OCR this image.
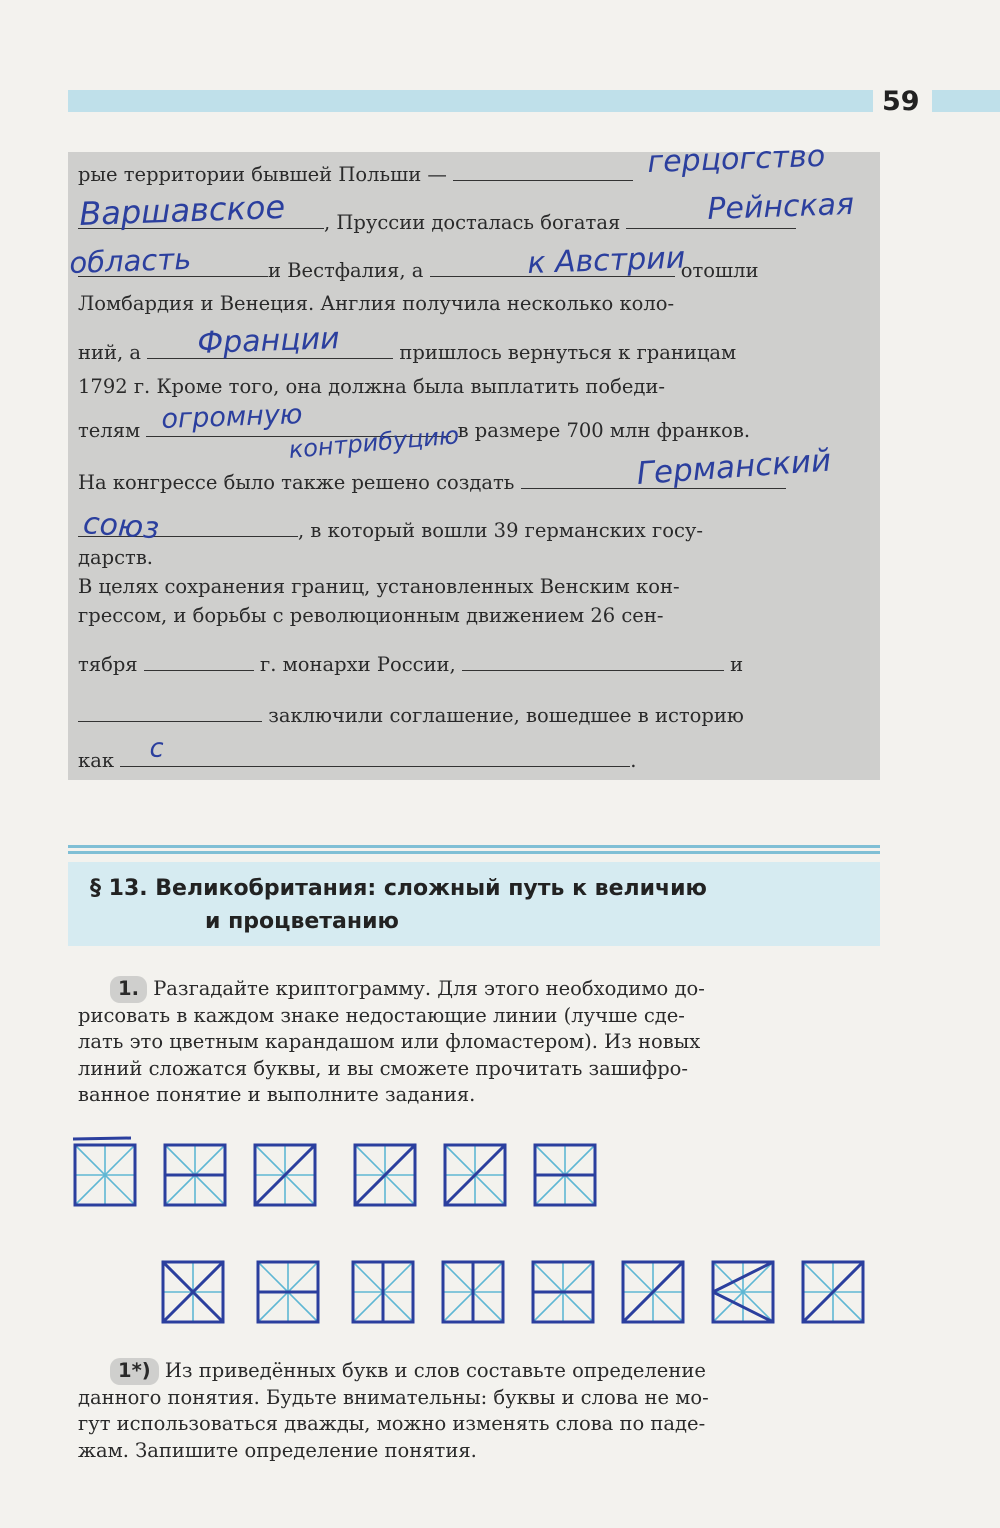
59
рые территории бывшей Польши —
, Пруссии досталась богатая
и Вестфалия, а	отошли
Ломбардия и Венеция. Англия получила несколько коло-
ний, а	пришлось вернуться к границам
1792 г. Кроме того, она должна была выплатить победи-
телям	в размере 700 млн франков.
На конгрессе было также решено создать
, в который вошли 39 германских госу-
дарств.
В целях сохранения границ, установленных Венским кон-
грессом, и борьбы с революционным движением 26 сен-
тября	г. монархи России,	и
заключили соглашение, вошедшее в историю
как	.
герцогство
Варшавское	Рейнская
область	к Австрии
Франции
огромную
контрибуцию	Германский
союз
с
§ 13. Великобритания: сложный путь к величию
и процветанию
1. Разгадайте криптограмму. Для этого необходимо до-
рисовать в каждом знаке недостающие линии (лучше сде-
лать это цветным карандашом или фломастером). Из новых
линий сложатся буквы, и вы сможете прочитать зашифро-
ванное понятие и выполните задания.
1*) Из приведённых букв и слов составьте определение
данного понятия. Будьте внимательны: буквы и слова не мо-
гут использоваться дважды, можно изменять слова по паде-
жам. Запишите определение понятия.
